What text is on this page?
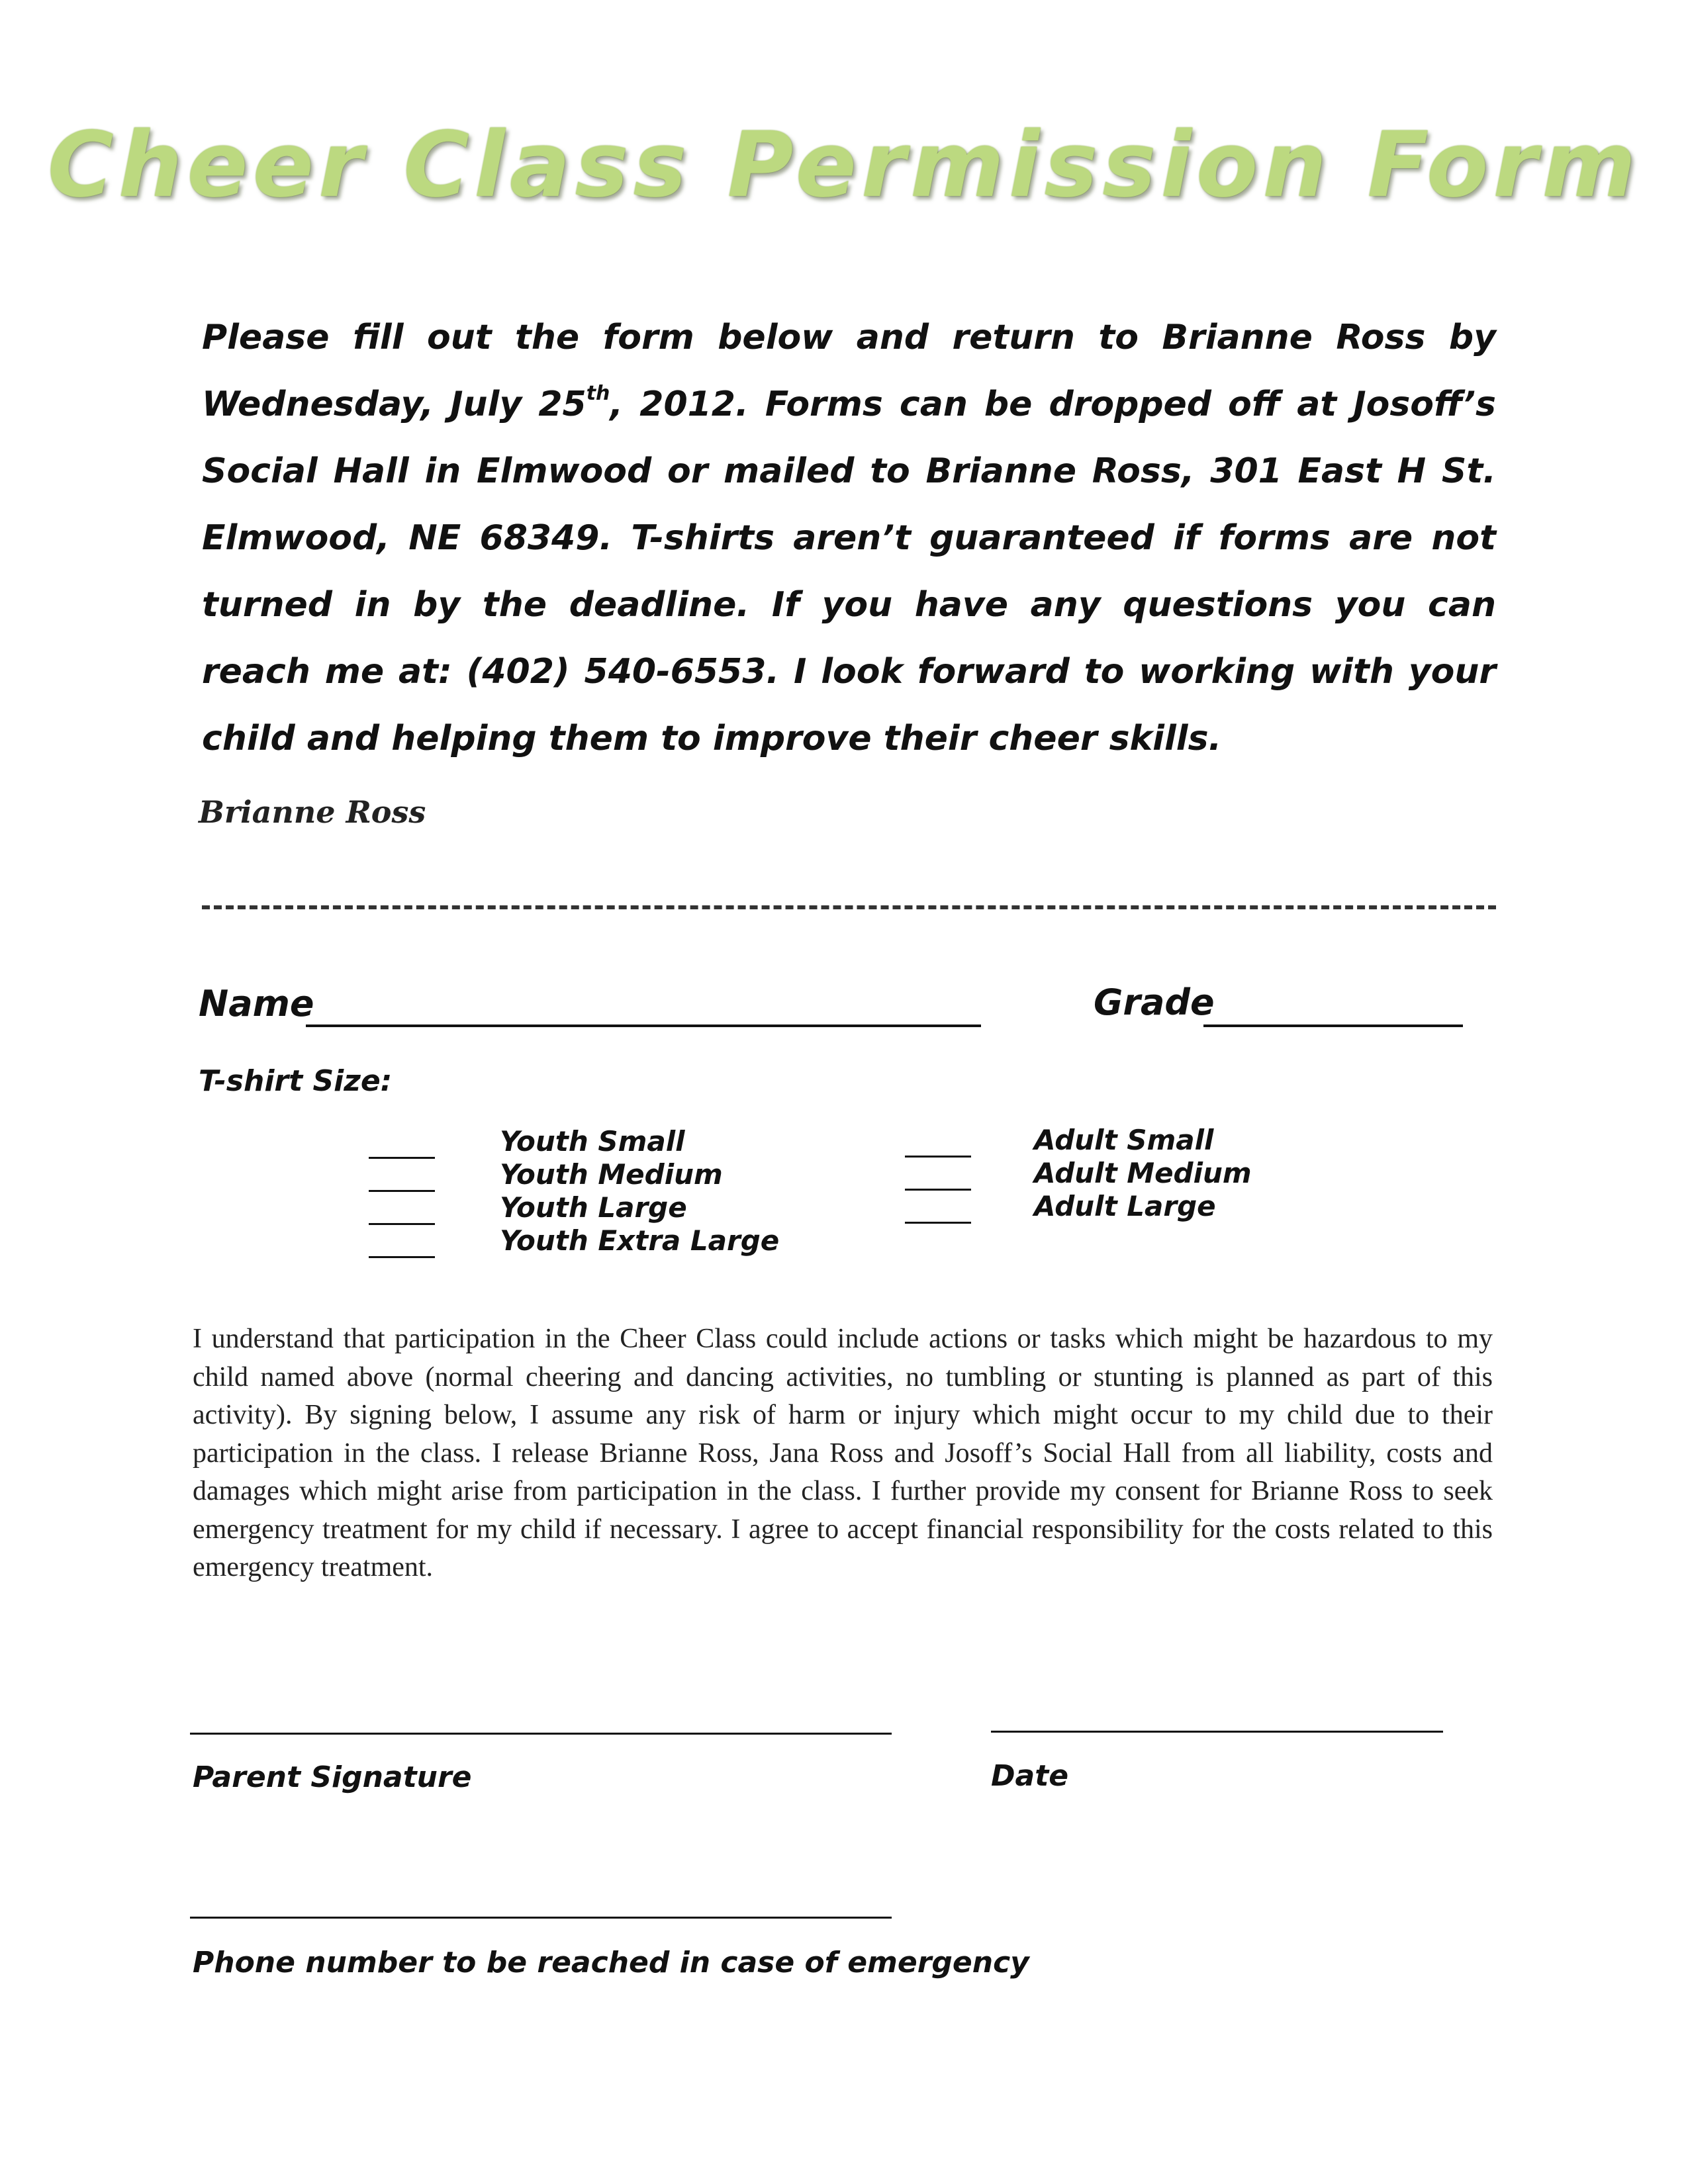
Cheer Class Permission Form

Please fill out the form below and return to Brianne Ross by Wednesday, July 25th, 2012. Forms can be dropped off at Josoff’s Social Hall in Elmwood or mailed to Brianne Ross, 301 East H St. Elmwood, NE 68349. T-shirts aren’t guaranteed if forms are not turned in by the deadline. If you have any questions you can reach me at: (402) 540-6553. I look forward to working with your child and helping them to improve their cheer skills.

Brianne Ross
Name	Grade
T-shirt Size:
Youth Small
Youth Medium
Youth Large
Youth Extra Large
Adult Small
Adult Medium
Adult Large

I understand that participation in the Cheer Class could include actions or tasks which might be hazardous to my child named above (normal cheering and dancing activities, no tumbling or stunting is planned as part of this activity). By signing below, I assume any risk of harm or injury which might occur to my child due to their participation in the class. I release Brianne Ross, Jana Ross and Josoff’s Social Hall from all liability, costs and damages which might arise from participation in the class. I further provide my consent for Brianne Ross to seek emergency treatment for my child if necessary. I agree to accept financial responsibility for the costs related to this emergency treatment.

Parent Signature	Date
Phone number to be reached in case of emergency
